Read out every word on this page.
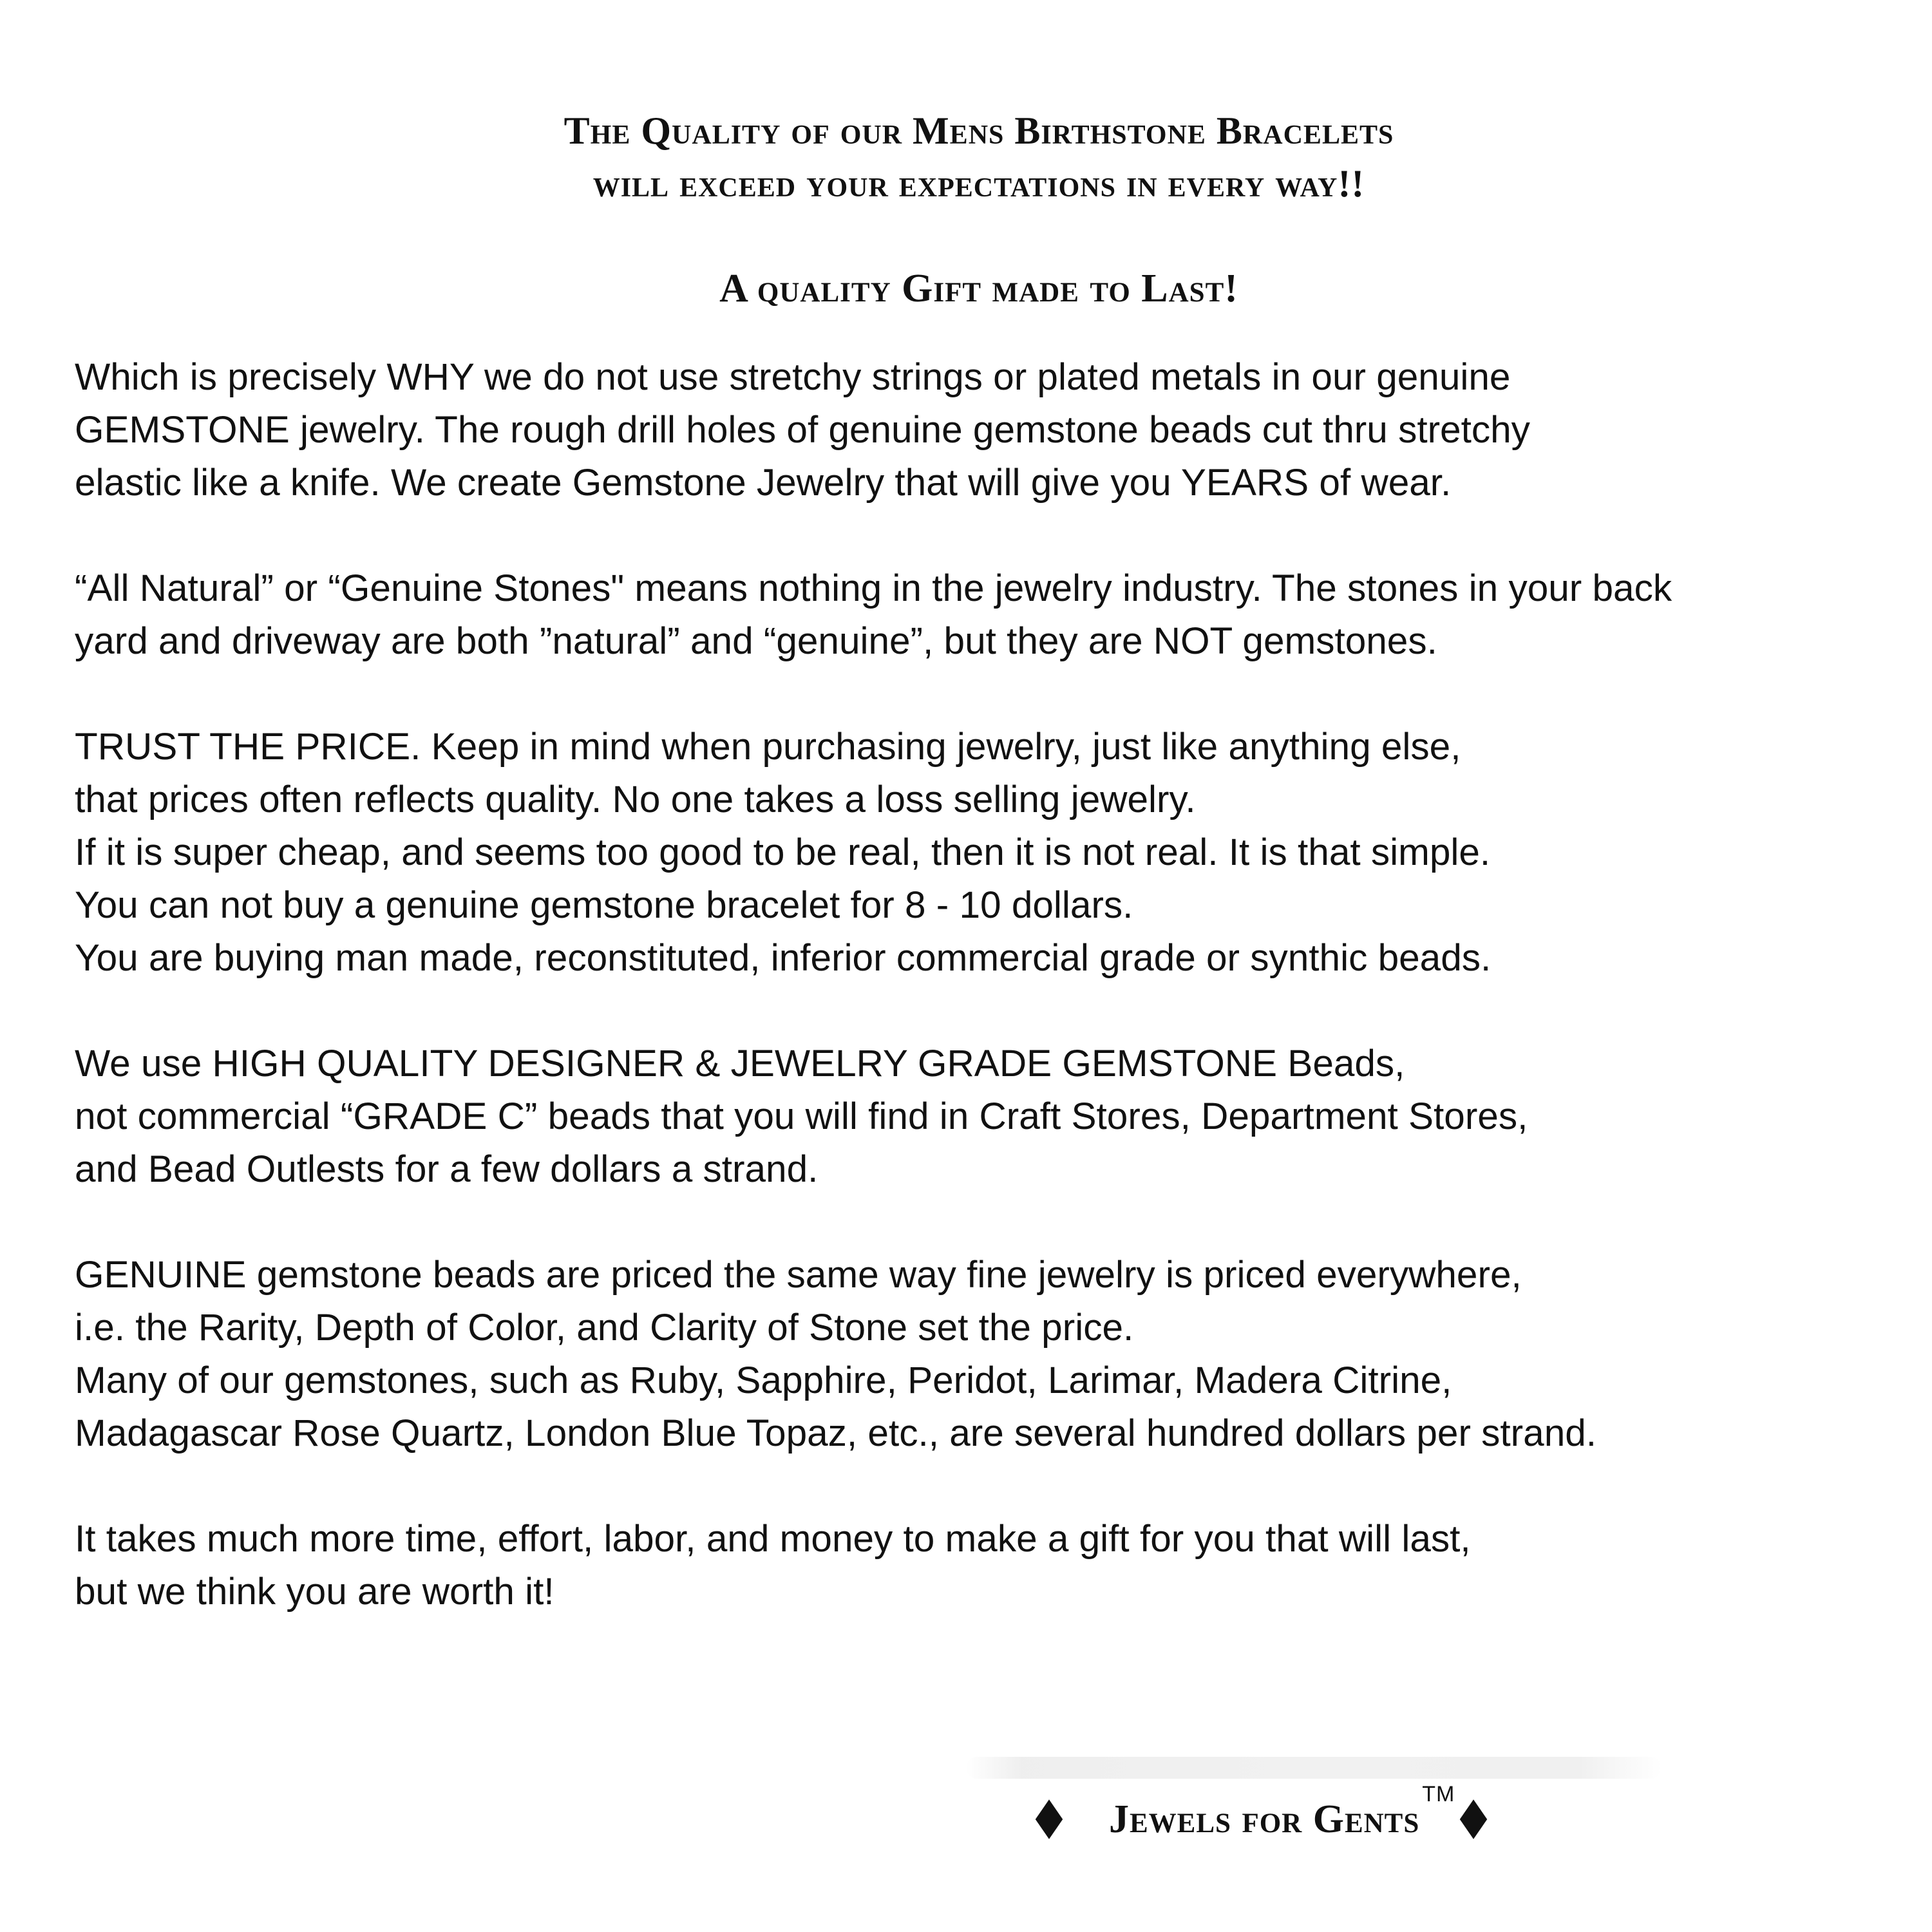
The Quality of our Mens Birthstone Bracelets
will exceed your expectations in every way!!
A quality Gift made to Last!

Which is precisely WHY we do not use stretchy strings or plated metals in our genuine
GEMSTONE jewelry. The rough drill holes of genuine gemstone beads cut thru stretchy
elastic like a knife. We create Gemstone Jewelry that will give you YEARS of wear.

“All Natural” or “Genuine Stones" means nothing in the jewelry industry. The stones in your back
yard and driveway are both ”natural” and “genuine”, but they are NOT gemstones.

TRUST THE PRICE. Keep in mind when purchasing jewelry, just like anything else,
that prices often reflects quality. No one takes a loss selling jewelry.
If it is super cheap, and seems too good to be real, then it is not real. It is that simple.
You can not buy a genuine gemstone bracelet for 8 - 10 dollars.
You are buying man made, reconstituted, inferior commercial grade or synthic beads.

We use HIGH QUALITY DESIGNER & JEWELRY GRADE GEMSTONE Beads,
not commercial “GRADE C” beads that you will find in Craft Stores, Department Stores,
and Bead Outlests for a few dollars a strand.

GENUINE gemstone beads are priced the same way fine jewelry is priced everywhere,
i.e. the Rarity, Depth of Color, and Clarity of Stone set the price.
Many of our gemstones, such as Ruby, Sapphire, Peridot, Larimar, Madera Citrine,
Madagascar Rose Quartz, London Blue Topaz, etc., are several hundred dollars per strand.

It takes much more time, effort, labor, and money to make a gift for you that will last,
but we think you are worth it!

Jewels for Gents™
